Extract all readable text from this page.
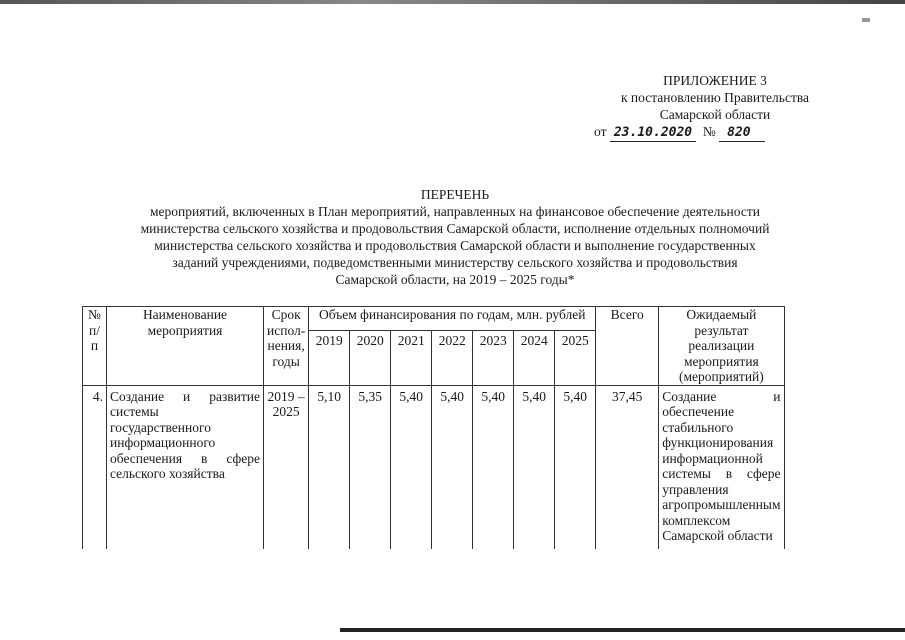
ПРИЛОЖЕНИЕ 3
к постановлению Правительства
Самарской области
от 23.10.2020 № 820
ПЕРЕЧЕНЬ
мероприятий, включенных в План мероприятий, направленных на финансовое обеспечение деятельности
министерства сельского хозяйства и продовольствия Самарской области, исполнение отдельных полномочий
министерства сельского хозяйства и продовольствия Самарской области и выполнение государственных
заданий учреждениями, подведомственными министерству сельского хозяйства и продовольствия
Самарской области, на 2019 – 2025 годы*
№ п/п	Наименование мероприятия	Срок испол-нения, годы	Объем финансирования по годам, млн. рублей							Всего	Ожидаемый результат реализации мероприятия (мероприятий)
			2019	2020	2021	2022	2023	2024	2025		
4.	Создание и развитие системы государственного информационного обеспечения в сфере сельского хозяйства	2019 – 2025	5,10	5,35	5,40	5,40	5,40	5,40	5,40	37,45	Создание и обеспечение стабильного функционирования информационной системы в сфере управления агропромышленным комплексом Самарской области
